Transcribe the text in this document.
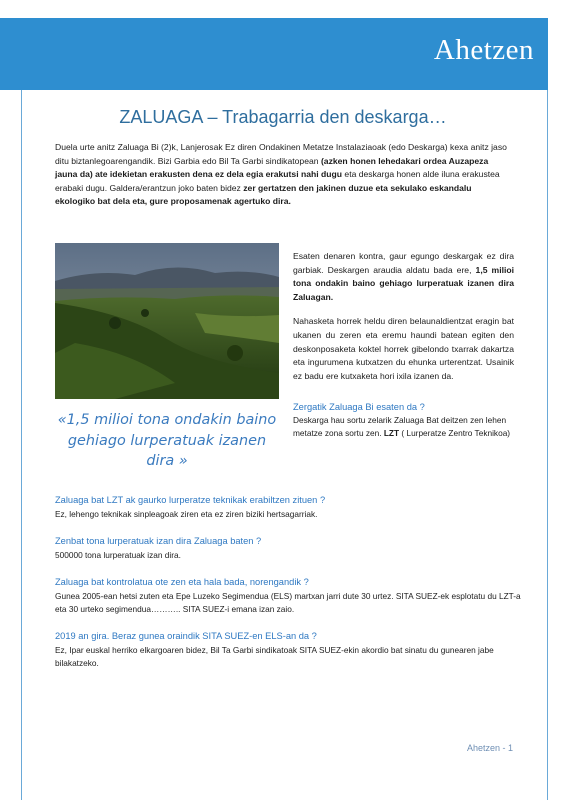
Ahetzen
ZALUAGA – Trabagarria den deskarga…
Duela urte anitz Zaluaga Bi (2)k, Lanjerosak Ez diren Ondakinen Metatze Instalaziaoak (edo Deskarga) kexa anitz jaso ditu biztanlegoarengandik. Bizi Garbia edo Bil Ta Garbi sindikatopean (azken honen lehedakari ordea Auzapeza jauna da) ate idekietan erakusten dena ez dela egia erakutsi nahi dugu eta deskarga honen alde iluna erakustea erabaki dugu. Galdera/erantzun joko baten bidez zer gertatzen den jakinen duzue eta sekulako eskandalu ekologiko bat dela eta, gure proposamenak agertuko dira.

Esaten denaren kontra, gaur egungo deskargak ez dira garbiak. Deskargen araudia aldatu bada ere, 1,5 milioi tona ondakin baino gehiago lurperatuak izanen dira Zaluagan.

Nahasketa horrek heldu diren belaunaldientzat eragin bat ukanen du zeren eta eremu haundi batean egiten den deskonposaketa koktel horrek gibelondo txarrak dakartza eta ingurumena kutxatzen du ehunka urterentzat. Usainik ez badu ere kutxaketa hori ixila izanen da.

«1,5 milioi tona ondakin baino gehiago lurperatuak izanen dira »
Zergatik Zaluaga Bi esaten da ?
Deskarga hau sortu zelarik Zaluaga Bat deitzen zen lehen metatze zona sortu zen. LZT ( Lurperatze Zentro Teknikoa)
Zaluaga bat LZT ak gaurko lurperatze teknikak erabiltzen zituen ?
Ez, lehengo teknikak sinpleagoak ziren eta ez ziren biziki hertsagarriak.
Zenbat tona lurperatuak izan dira Zaluaga baten ?
500000 tona lurperatuak izan dira.
Zaluaga bat kontrolatua ote zen eta hala bada, norengandik ?
Gunea 2005-ean hetsi zuten eta Epe Luzeko Segimendua (ELS) martxan jarri dute 30 urtez. SITA SUEZ-ek esplotatu du LZT-a eta 30 urteko segimenduа……….. SITA SUEZ-i emana izan zaio.
2019 an gira. Beraz gunea oraindik SITA SUEZ-en ELS-an da ?
Ez, Ipar euskal herriko elkargoaren bidez, Bil Ta Garbi sindikatoak SITA SUEZ-ekin akordio bat sinatu du gunearen jabe bilakatzeko.
Ahetzen - 1
